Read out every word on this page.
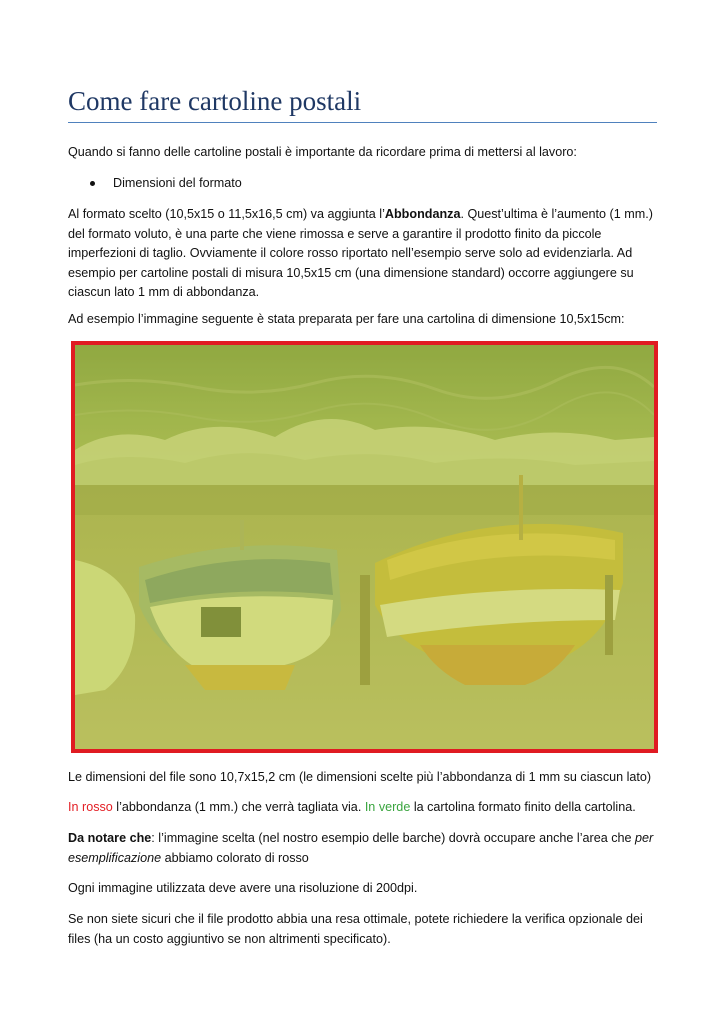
Come fare cartoline postali

Quando si fanno delle cartoline postali è importante da ricordare prima di mettersi al lavoro:

Dimensioni del formato

Al formato scelto (10,5x15 o 11,5x16,5 cm) va aggiunta l’Abbondanza. Quest’ultima è l’aumento (1 mm.) del formato voluto, è una parte che viene rimossa e serve a garantire il prodotto finito da piccole imperfezioni di taglio. Ovviamente il colore rosso riportato nell’esempio serve solo ad evidenziarla. Ad esempio per cartoline postali di misura 10,5x15 cm (una dimensione standard) occorre aggiungere su ciascun lato 1 mm di abbondanza.

Ad esempio l’immagine seguente è stata preparata per fare una cartolina di dimensione 10,5x15cm:

Le dimensioni del file sono 10,7x15,2 cm (le dimensioni scelte più l’abbondanza di 1 mm su ciascun lato)

In rosso l’abbondanza (1 mm.) che verrà tagliata via. In verde la cartolina formato finito della cartolina.

Da notare che: l’immagine scelta (nel nostro esempio delle barche) dovrà occupare anche l’area che per esemplificazione abbiamo colorato di rosso

Ogni immagine utilizzata deve avere una risoluzione di 200dpi.

Se non siete sicuri che il file prodotto abbia una resa ottimale, potete richiedere la verifica opzionale dei files (ha un costo aggiuntivo se non altrimenti specificato).
